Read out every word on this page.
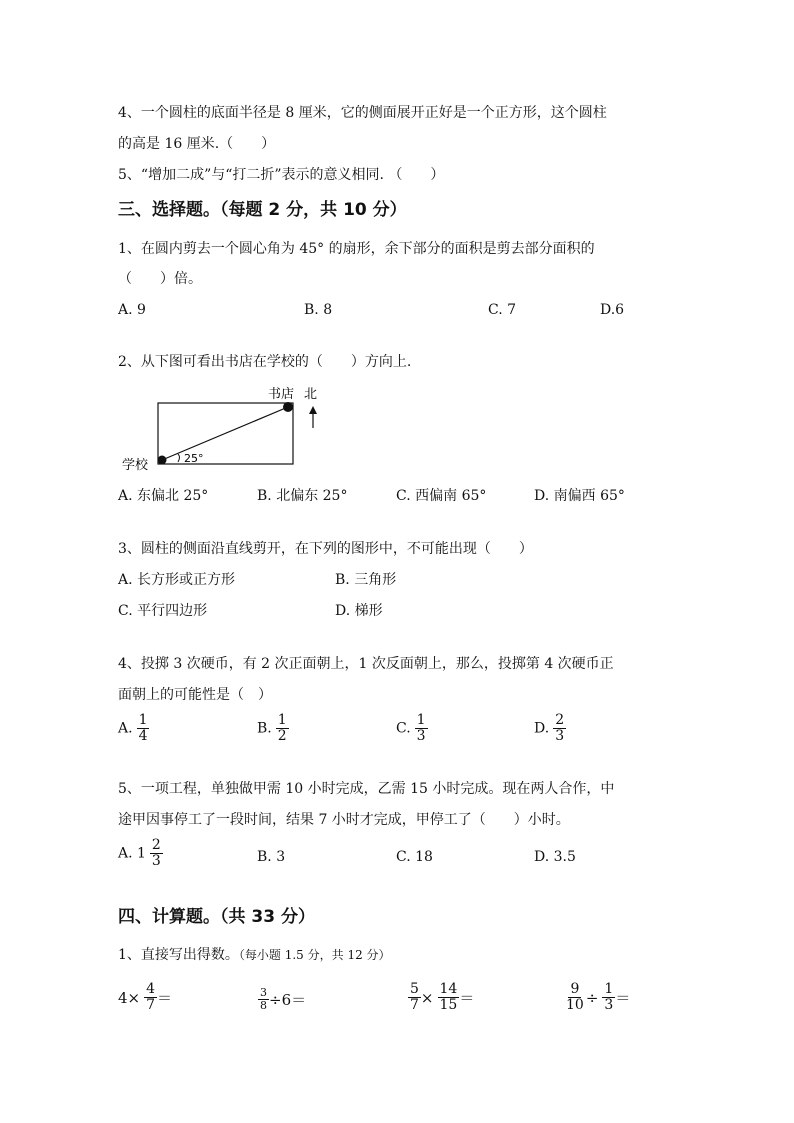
4、一个圆柱的底面半径是 8 厘米，它的侧面展开正好是一个正方形，这个圆柱
的高是 16 厘米.（　　）
5、“增加二成”与“打二折”表示的意义相同. （　　）
三、选择题。（每题 2 分，共 10 分）
1、在圆内剪去一个圆心角为 45° 的扇形，余下部分的面积是剪去部分面积的
（　　）倍。
A. 9	B. 8	C. 7	D.6
2、从下图可看出书店在学校的（　　）方向上.
25°
书店 北
学校
A. 东偏北 25°	B. 北偏东 25°	C. 西偏南 65°	D. 南偏西 65°
3、圆柱的侧面沿直线剪开，在下列的图形中，不可能出现（　　）
A. 长方形或正方形	B. 三角形
C. 平行四边形	D. 梯形
4、投掷 3 次硬币，有 2 次正面朝上，1 次反面朝上，那么，投掷第 4 次硬币正
面朝上的可能性是（　）
A. $\frac{1}{4}$	B. $\frac{1}{2}$	C. $\frac{1}{3}$	D. $\frac{2}{3}$
5、一项工程，单独做甲需 10 小时完成，乙需 15 小时完成。现在两人合作，中
途甲因事停工了一段时间，结果 7 小时才完成，甲停工了（　　）小时。
A. $1 \frac{2}{3}$	B. 3	C. 18	D. 3.5
四、计算题。（共 33 分）
1、直接写出得数。（每小题 1.5 分，共 12 分）
$4\times \frac{4}{7}$ ＝	$\frac{3}{8} \div 6=$	$\frac{5}{7} \times \frac{14}{15}$ ＝	$\frac{9}{10} \div \frac{1}{3}$ ＝
